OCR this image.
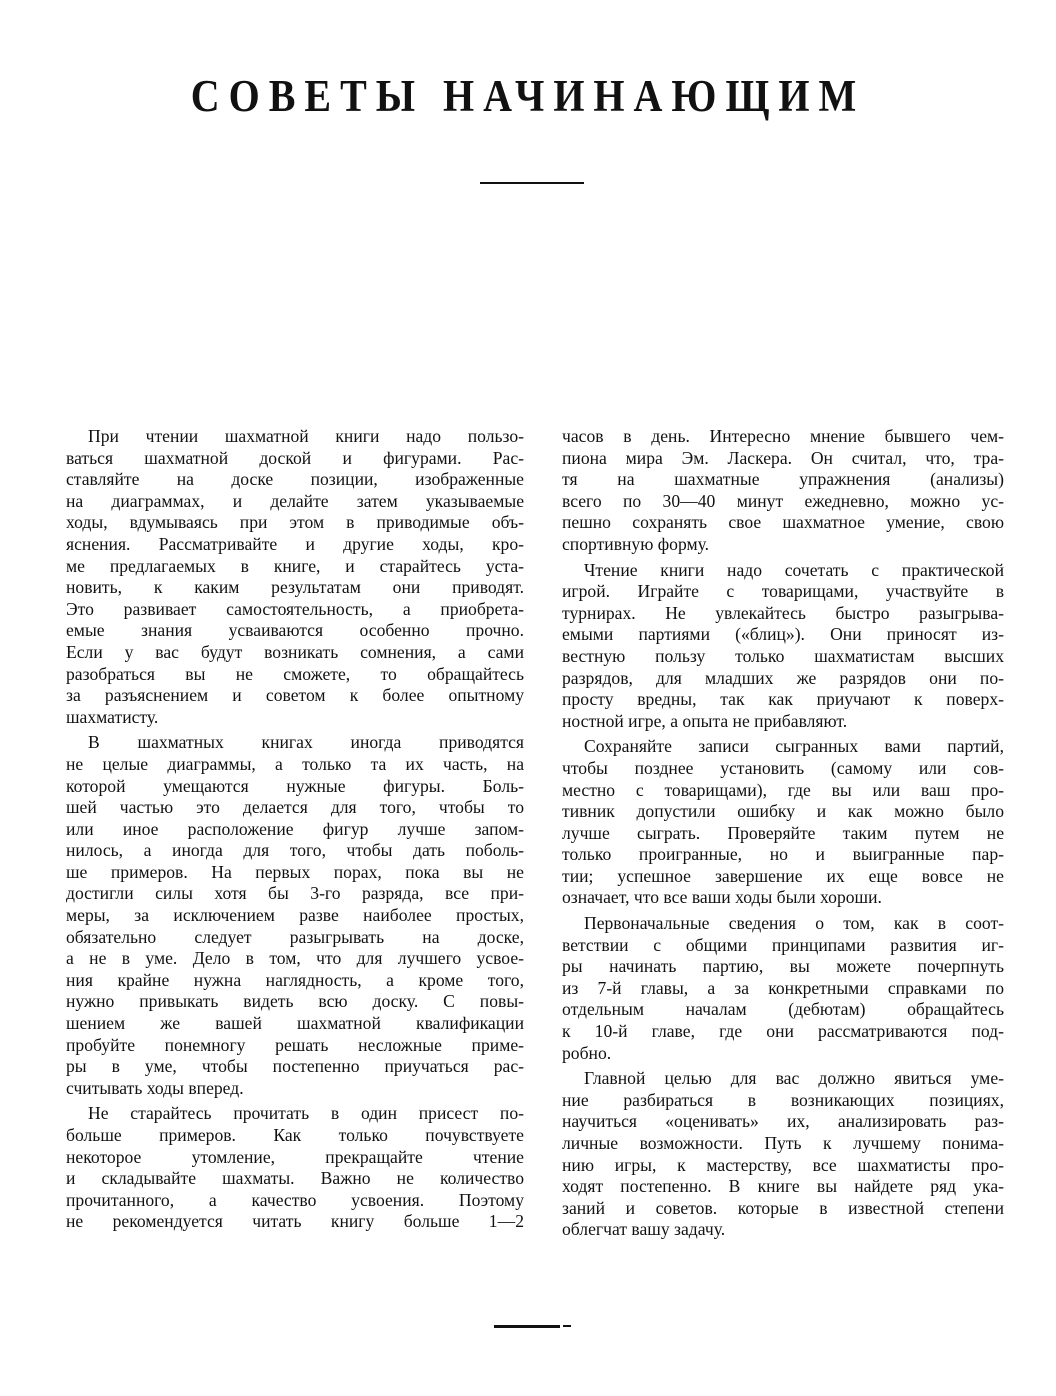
СОВЕТЫ НАЧИНАЮЩИМ
При чтении шахматной книги надо пользо-
ваться шахматной доской и фигурами. Рас-
ставляйте на доске позиции, изображенные
на диаграммах, и делайте затем указываемые
ходы, вдумываясь при этом в приводимые объ-
яснения. Рассматривайте и другие ходы, кро-
ме предлагаемых в книге, и старайтесь уста-
новить, к каким результатам они приводят.
Это развивает самостоятельность, а приобрета-
емые знания усваиваются особенно прочно.
Если у вас будут возникать сомнения, а сами
разобраться вы не сможете, то обращайтесь
за разъяснением и советом к более опытному
шахматисту.
В шахматных книгах иногда приводятся
не целые диаграммы, а только та их часть, на
которой умещаются нужные фигуры. Боль-
шей частью это делается для того, чтобы то
или иное расположение фигур лучше запом-
нилось, а иногда для того, чтобы дать поболь-
ше примеров. На первых порах, пока вы не
достигли силы хотя бы 3-го разряда, все при-
меры, за исключением разве наиболее простых,
обязательно следует разыгрывать на доске,
а не в уме. Дело в том, что для лучшего усвое-
ния крайне нужна наглядность, а кроме того,
нужно привыкать видеть всю доску. С повы-
шением же вашей шахматной квалификации
пробуйте понемногу решать несложные приме-
ры в уме, чтобы постепенно приучаться рас-
считывать ходы вперед.
Не старайтесь прочитать в один присест по-
больше примеров. Как только почувствуете
некоторое утомление, прекращайте чтение
и складывайте шахматы. Важно не количество
прочитанного, а качество усвоения. Поэтому
не рекомендуется читать книгу больше 1—2
часов в день. Интересно мнение бывшего чем-
пиона мира Эм. Ласкера. Он считал, что, тра-
тя на шахматные упражнения (анализы)
всего по 30—40 минут ежедневно, можно ус-
пешно сохранять свое шахматное умение, свою
спортивную форму.
Чтение книги надо сочетать с практической
игрой. Играйте с товарищами, участвуйте в
турнирах. Не увлекайтесь быстро разыгрыва-
емыми партиями («блиц»). Они приносят из-
вестную пользу только шахматистам высших
разрядов, для младших же разрядов они по-
просту вредны, так как приучают к поверх-
ностной игре, а опыта не прибавляют.
Сохраняйте записи сыгранных вами партий,
чтобы позднее установить (самому или сов-
местно с товарищами), где вы или ваш про-
тивник допустили ошибку и как можно было
лучше сыграть. Проверяйте таким путем не
только проигранные, но и выигранные пар-
тии; успешное завершение их еще вовсе не
означает, что все ваши ходы были хороши.
Первоначальные сведения о том, как в соот-
ветствии с общими принципами развития иг-
ры начинать партию, вы можете почерпнуть
из 7-й главы, а за конкретными справками по
отдельным началам (дебютам) обращайтесь
к 10-й главе, где они рассматриваются под-
робно.
Главной целью для вас должно явиться уме-
ние разбираться в возникающих позициях,
научиться «оценивать» их, анализировать раз-
личные возможности. Путь к лучшему понима-
нию игры, к мастерству, все шахматисты про-
ходят постепенно. В книге вы найдете ряд ука-
заний и советов. которые в известной степени
облегчат вашу задачу.
